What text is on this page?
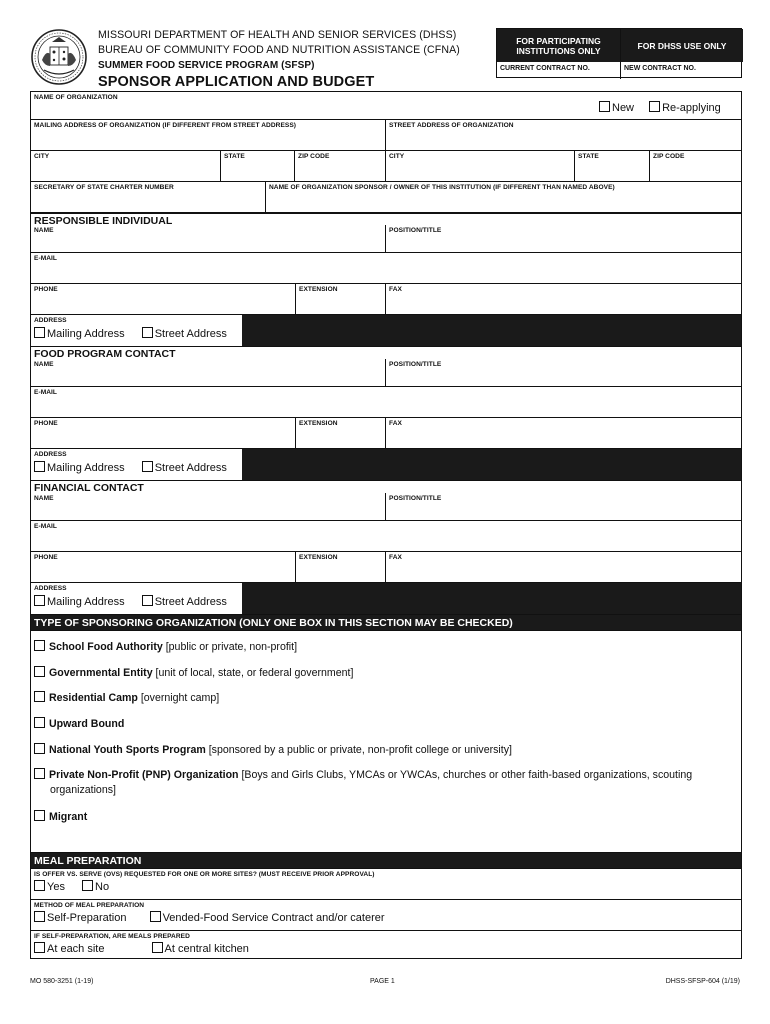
MISSOURI DEPARTMENT OF HEALTH AND SENIOR SERVICES (DHSS)
BUREAU OF COMMUNITY FOOD AND NUTRITION ASSISTANCE (CFNA)
SUMMER FOOD SERVICE PROGRAM (SFSP)
SPONSOR APPLICATION AND BUDGET
FOR PARTICIPATING INSTITUTIONS ONLY	FOR DHSS USE ONLY
CURRENT CONTRACT NO.	NEW CONTRACT NO.
NAME OF ORGANIZATION
New	Re-applying
MAILING ADDRESS OF ORGANIZATION (IF DIFFERENT FROM STREET ADDRESS)	STREET ADDRESS OF ORGANIZATION
CITY	STATE	ZIP CODE	CITY	STATE	ZIP CODE
SECRETARY OF STATE CHARTER NUMBER	NAME OF ORGANIZATION SPONSOR / OWNER OF THIS INSTITUTION (IF DIFFERENT THAN NAMED ABOVE)
RESPONSIBLE INDIVIDUAL
NAME	POSITION/TITLE
E-MAIL
PHONE	EXTENSION	FAX
ADDRESS
Mailing Address	Street Address
FOOD PROGRAM CONTACT
NAME	POSITION/TITLE
E-MAIL
PHONE	EXTENSION	FAX
ADDRESS
Mailing Address	Street Address
FINANCIAL CONTACT
NAME	POSITION/TITLE
E-MAIL
PHONE	EXTENSION	FAX
ADDRESS
Mailing Address	Street Address
TYPE OF SPONSORING ORGANIZATION (ONLY ONE BOX IN THIS SECTION MAY BE CHECKED)
School Food Authority [public or private, non-profit]
Governmental Entity [unit of local, state, or federal government]
Residential Camp [overnight camp]
Upward Bound
National Youth Sports Program [sponsored by a public or private, non-profit college or university]
Private Non-Profit (PNP) Organization [Boys and Girls Clubs, YMCAs or YWCAs, churches or other faith-based organizations, scouting
organizations]
Migrant
MEAL PREPARATION
IS OFFER VS. SERVE (OVS) REQUESTED FOR ONE OR MORE SITES? (MUST RECEIVE PRIOR APPROVAL)
Yes	No
METHOD OF MEAL PREPARATION
Self-Preparation	Vended-Food Service Contract and/or caterer
IF SELF-PREPARATION, ARE MEALS PREPARED
At each site	At central kitchen
MO 580-3251 (1-19)	PAGE 1	DHSS-SFSP-604 (1/19)
